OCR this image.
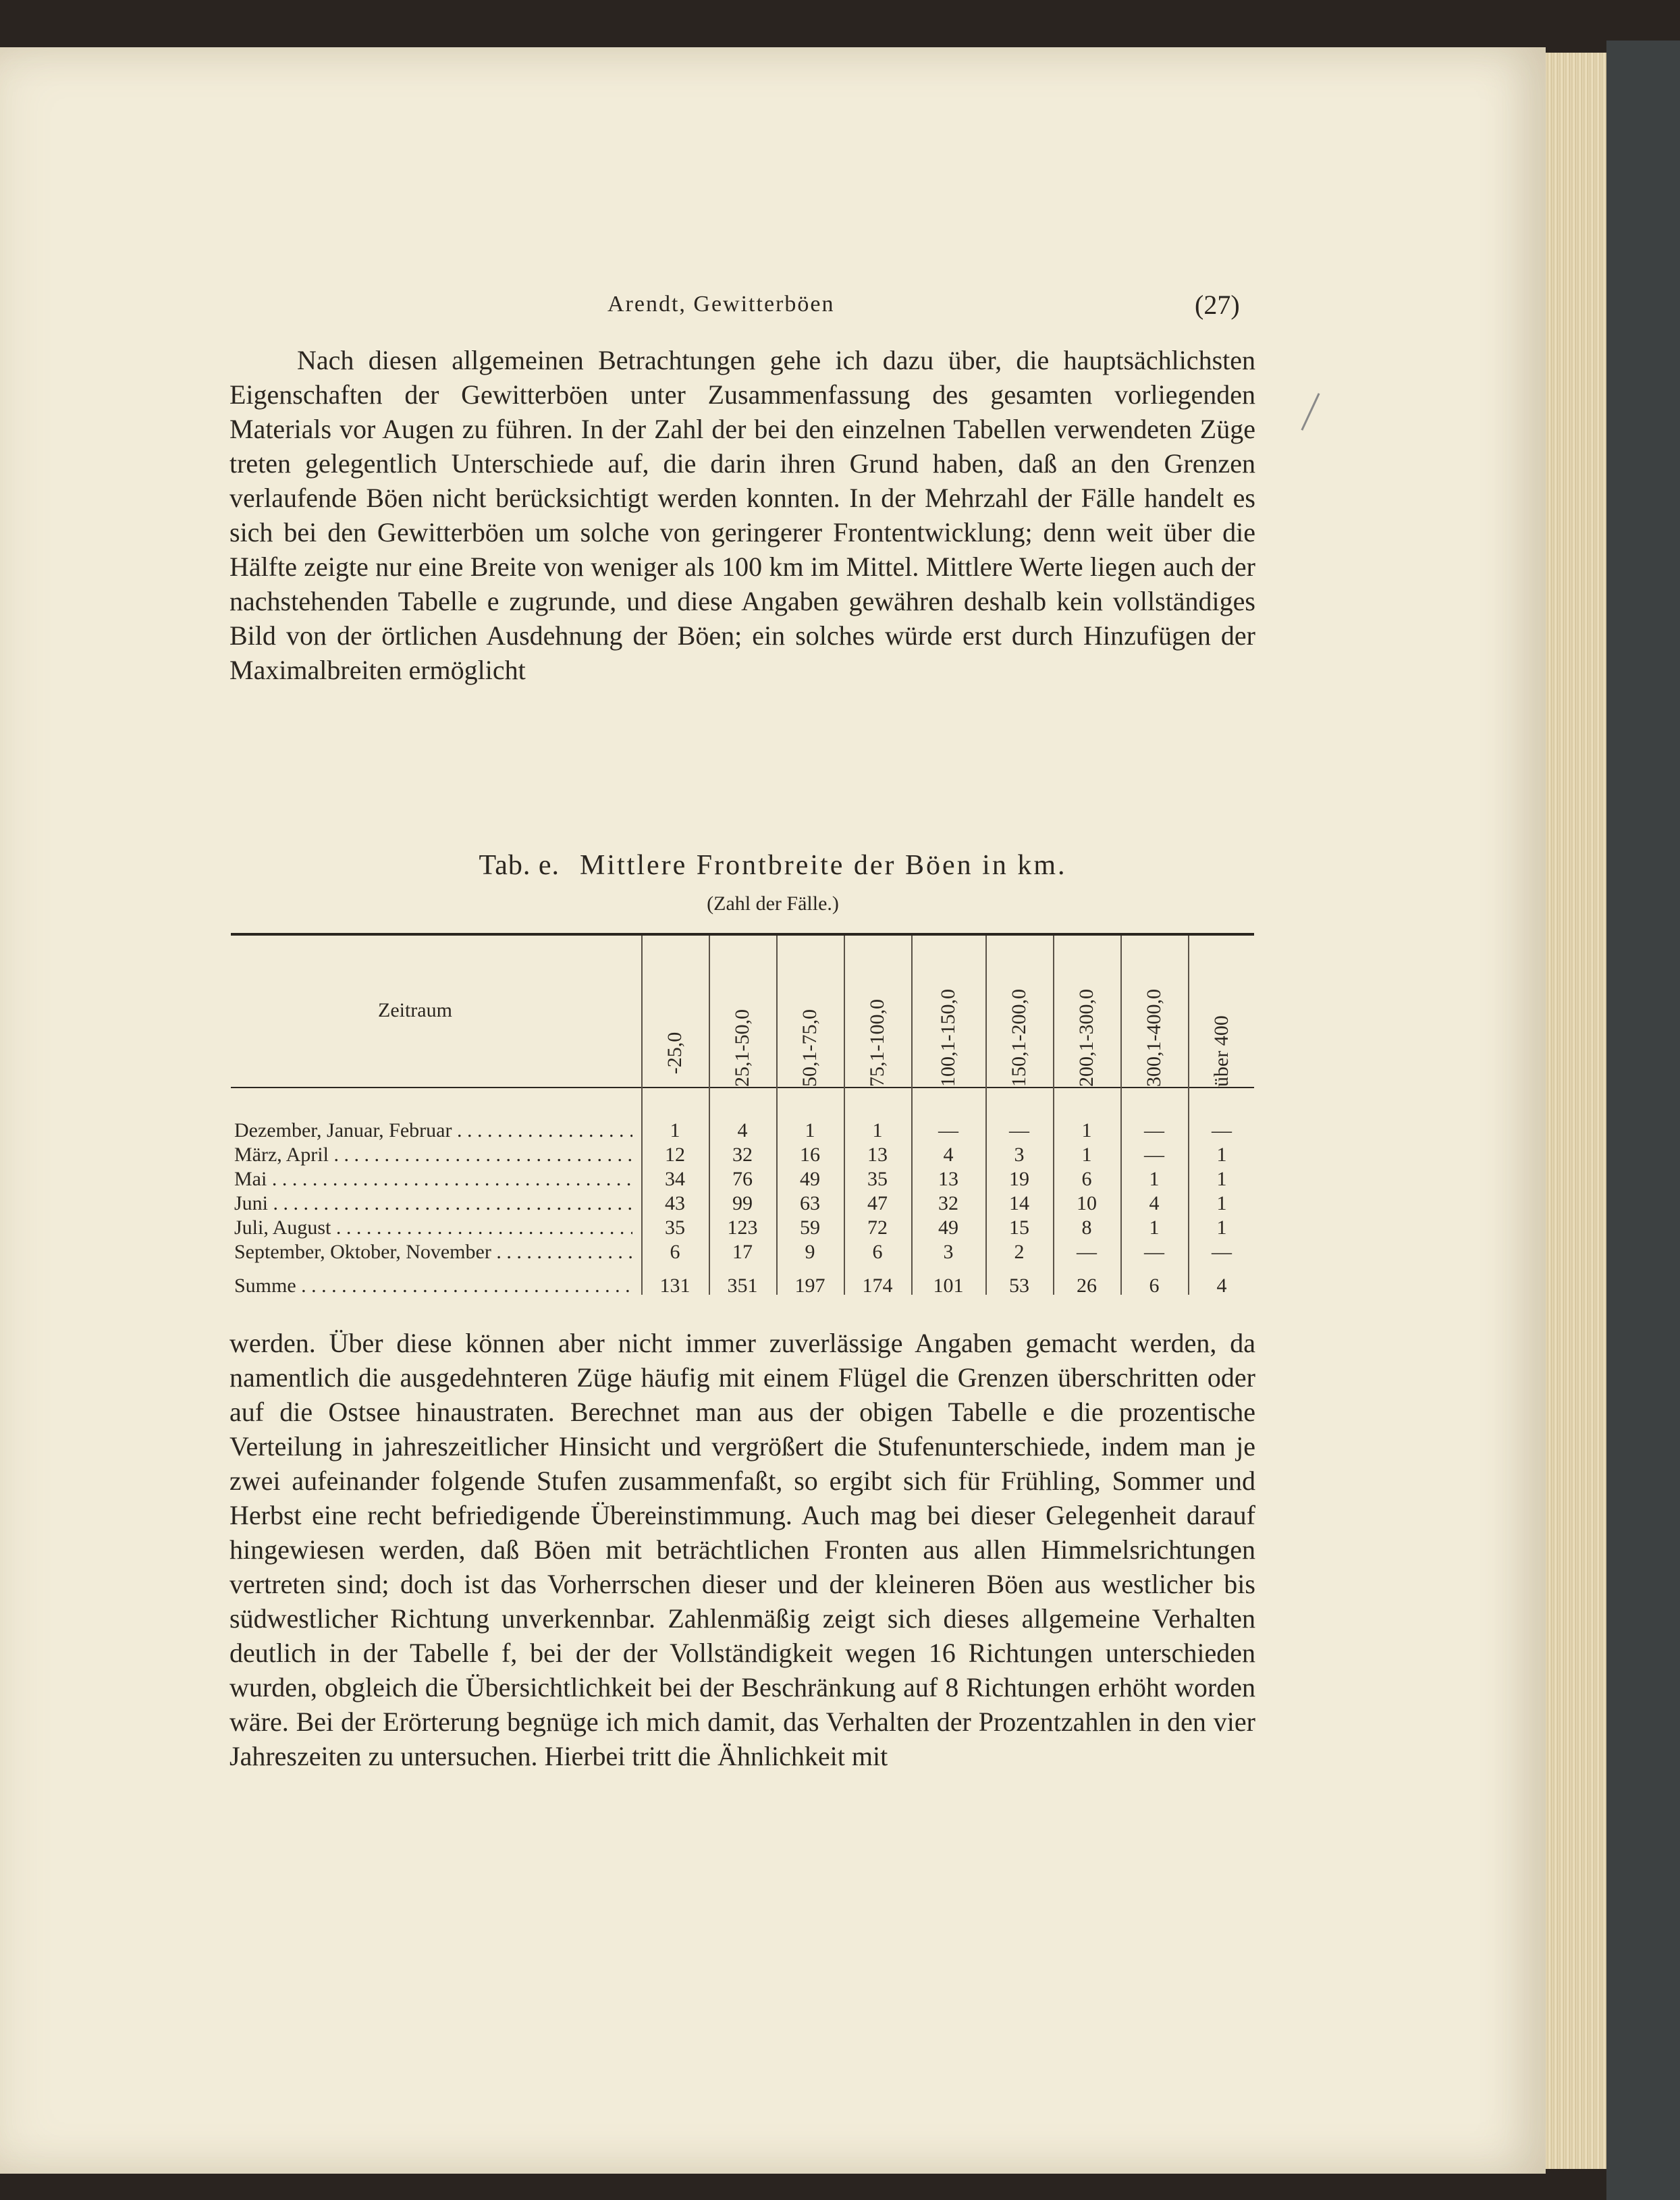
Arendt, Gewitterböen	(27)

Nach diesen allgemeinen Betrachtungen gehe ich dazu über, die hauptsächlichsten Eigenschaften der Gewitterböen unter Zusammenfassung des gesamten vorliegenden Materials vor Augen zu führen. In der Zahl der bei den einzelnen Tabellen verwendeten Züge treten gelegentlich Unterschiede auf, die darin ihren Grund haben, daß an den Grenzen verlaufende Böen nicht berücksichtigt werden konnten. In der Mehrzahl der Fälle handelt es sich bei den Gewitterböen um solche von geringerer Frontentwicklung; denn weit über die Hälfte zeigte nur eine Breite von weniger als 100 km im Mittel. Mittlere Werte liegen auch der nachstehenden Tabelle e zugrunde, und diese Angaben gewähren deshalb kein vollständiges Bild von der örtlichen Ausdehnung der Böen; ein solches würde erst durch Hinzufügen der Maximalbreiten ermöglicht

Tab. e. Mittlere Frontbreite der Böen in km.
(Zahl der Fälle.)
Zeitraum
-25,0	25,1-50,0	50,1-75,0	75,1-100,0	100,1-150,0	150,1-200,0	200,1-300,0	300,1-400,0	über 400
Dezember, Januar, Februar . . .	1	4	1	1	—	—	1	—	—
März, April . . .	12	32	16	13	4	3	1	—	1
Mai . . .	34	76	49	35	13	19	6	1	1
Juni . . .	43	99	63	47	32	14	10	4	1
Juli, August . . .	35	123	59	72	49	15	8	1	1
September, Oktober, November . . .	6	17	9	6	3	2	—	—	—
Summe . . .	131	351	197	174	101	53	26	6	4

werden. Über diese können aber nicht immer zuverlässige Angaben gemacht werden, da namentlich die ausgedehnteren Züge häufig mit einem Flügel die Grenzen überschritten oder auf die Ostsee hinaustraten. Berechnet man aus der obigen Tabelle e die prozentische Verteilung in jahreszeitlicher Hinsicht und vergrößert die Stufenunterschiede, indem man je zwei aufeinander folgende Stufen zusammenfaßt, so ergibt sich für Frühling, Sommer und Herbst eine recht befriedigende Übereinstimmung. Auch mag bei dieser Gelegenheit darauf hingewiesen werden, daß Böen mit beträchtlichen Fronten aus allen Himmelsrichtungen vertreten sind; doch ist das Vorherrschen dieser und der kleineren Böen aus westlicher bis südwestlicher Richtung unverkennbar. Zahlenmäßig zeigt sich dieses allgemeine Verhalten deutlich in der Tabelle f, bei der der Vollständigkeit wegen 16 Richtungen unterschieden wurden, obgleich die Übersichtlichkeit bei der Beschränkung auf 8 Richtungen erhöht worden wäre. Bei der Erörterung begnüge ich mich damit, das Verhalten der Prozentzahlen in den vier Jahreszeiten zu untersuchen. Hierbei tritt die Ähnlichkeit mit
